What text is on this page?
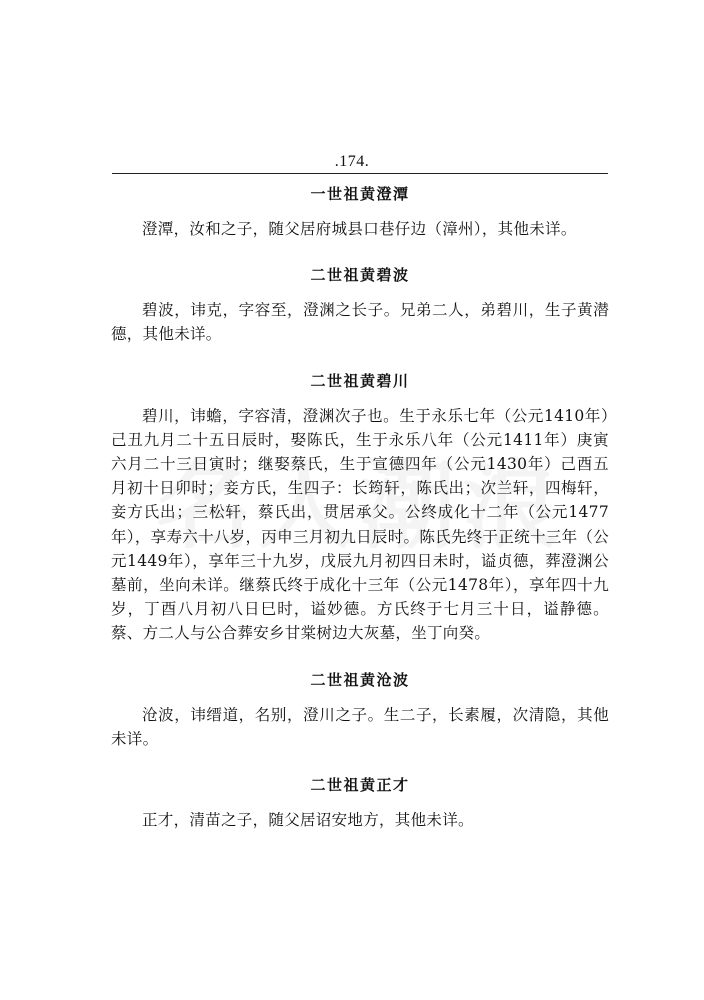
.174.
一世祖黄澄潭

澄潭，汝和之子，随父居府城县口巷仔边（漳州），其他未详。

二世祖黄碧波

碧波，讳克，字容至，澄渊之长子。兄弟二人，弟碧川，生子黄潜德，其他未详。

二世祖黄碧川

碧川，讳蟾，字容清，澄渊次子也。生于永乐七年（公元1410年）己丑九月二十五日辰时，娶陈氏，生于永乐八年（公元1411年）庚寅六月二十三日寅时；继娶蔡氏，生于宣德四年（公元1430年）己酉五月初十日卯时；妾方氏，生四子：长筠轩，陈氏出；次兰轩，四梅轩，妾方氏出；三松轩，蔡氏出，贯居承父。公终成化十二年（公元1477年），享寿六十八岁，丙申三月初九日辰时。陈氏先终于正统十三年（公元1449年），享年三十九岁，戊辰九月初四日未时，谥贞德，葬澄渊公墓前，坐向未详。继蔡氏终于成化十三年（公元1478年），享年四十九岁，丁酉八月初八日巳时，谥妙德。方氏终于七月三十日，谥静德。蔡、方二人与公合葬安乡甘棠树边大灰墓，坐丁向癸。

二世祖黄沧波

沧波，讳缙道，名别，澄川之子。生二子，长素履，次清隐，其他未详。

二世祖黄正才

正才，清苗之子，随父居诏安地方，其他未详。
